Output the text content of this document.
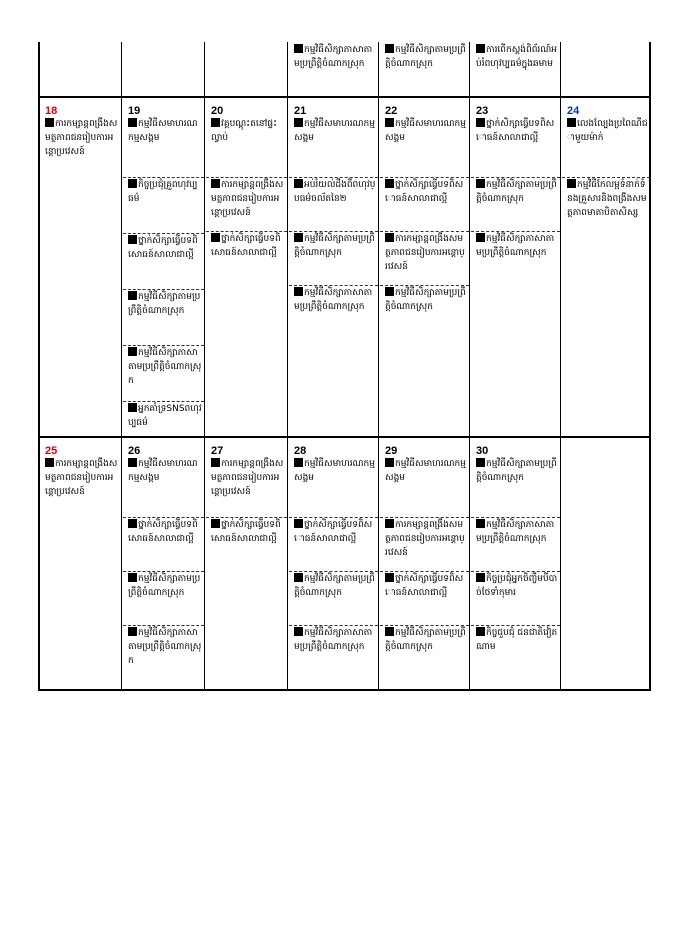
កម្មវិធីសិក្សាភាសាតាមប្រព្រឹត្តិចំណាកស្រុក
កម្មវិធីសិក្សាតាមប្រព្រឹត្តិចំណាកស្រុក
ការពើកស្តង់ពិព័រណ៍អប់រំពហុវប្បធម៌ក្នុងឆមាម
18
ការកម្សាន្តពង្រឹងសមត្ថភាពជនរៀបការអន្តោប្រវេសន៍
19
កម្មវិធីសមាហរណកម្មសង្គម
កិច្ចប្រជុំគ្រួពហុវប្បធម៌
ថ្នាក់សិក្សាធ្វើបទពិសោធន៍សាលាជាល្អី
កម្មវិធីសិក្សាតាមប្រព្រឹត្តិចំណាកស្រុក
កម្មវិធីសិក្សាភាសាតាមប្រព្រឹត្តិចំណាកស្រុក
អ្នកគាំទ្រSNSពហុវប្បធម៌
20
វគ្គបណ្តុះតនៅផ្ទះល្វាប់
ការកម្សាន្តពង្រឹងសមត្ថភាពជនរៀបការអន្តោប្រវេសន៍
ថ្នាក់សិក្សាធ្វើបទពិសោធន៍សាលាជាល្អី
21
កម្មវិធីសមាហរណកម្មសង្គម
អប់រំយល់ដឹងពីពហុវប្បធម៌ចល័តនៃ២
កម្មវិធីសិក្សាតាមប្រព្រឹត្តិចំណាកស្រុក
កម្មវិធីសិក្សាភាសាតាមប្រព្រឹត្តិចំណាកស្រុក
22
កម្មវិធីសមាហរណកម្មសង្គម
ថ្នាក់សិក្សាធ្វើបទពិសោធន៍សាលាជាល្អី
ការកម្សាន្តពង្រឹងសមត្ថភាពជនរៀបការអន្តោប្រវេសន៍
កម្មវិធីសិក្សាតាមប្រព្រឹត្តិចំណាកស្រុក
23
ថ្នាក់សិក្សាធ្វើបទពិសោធន៍សាលាជាល្អី
កម្មវិធីសិក្សាតាមប្រព្រឹត្តិចំណាកស្រុក
កម្មវិធីសិក្សាភាសាតាមប្រព្រឹត្តិចំណាកស្រុក
24
លេងល្បែងប្រពៃណីជាមួយម៉ាក់
កម្មវិធីកែលម្អទំនាក់ទំនងគ្រួសារនិងពង្រឹងសមត្ថភាពមាតាបិតាសិស្ស
25
ការកម្សាន្តពង្រឹងសមត្ថភាពជនរៀបការអន្តោប្រវេសន៍
26
កម្មវិធីសមាហរណកម្មសង្គម
ថ្នាក់សិក្សាធ្វើបទពិសោធន៍សាលាជាល្អី
កម្មវិធីសិក្សាតាមប្រព្រឹត្តិចំណាកស្រុក
កម្មវិធីសិក្សាភាសាតាមប្រព្រឹត្តិចំណាកស្រុក
27
ការកម្សាន្តពង្រឹងសមត្ថភាពជនរៀបការអន្តោប្រវេសន៍
ថ្នាក់សិក្សាធ្វើបទពិសោធន៍សាលាជាល្អី
28
កម្មវិធីសមាហរណកម្មសង្គម
ថ្នាក់សិក្សាធ្វើបទពិសោធន៍សាលាជាល្អី
កម្មវិធីសិក្សាតាមប្រព្រឹត្តិចំណាកស្រុក
កម្មវិធីសិក្សាភាសាតាមប្រព្រឹត្តិចំណាកស្រុក
29
កម្មវិធីសមាហរណកម្មសង្គម
ការកម្សាន្តពង្រឹងសមត្ថភាពជនរៀបការអន្តោប្រវេសន៍
ថ្នាក់សិក្សាធ្វើបទពិសោធន៍សាលាជាល្អី
កម្មវិធីសិក្សាតាមប្រព្រឹត្តិចំណាកស្រុក
30
កម្មវិធីសិក្សាតាមប្រព្រឹត្តិចំណាកស្រុក
កម្មវិធីសិក្សាភាសាតាមប្រព្រឹត្តិចំណាកស្រុក
កិច្ចប្រជុំអ្នកចិញ្ចឹមបីបាច់ថែទាំកុមារ
កិច្ចជួបជុំ ជនជាតិវៀតណាម
